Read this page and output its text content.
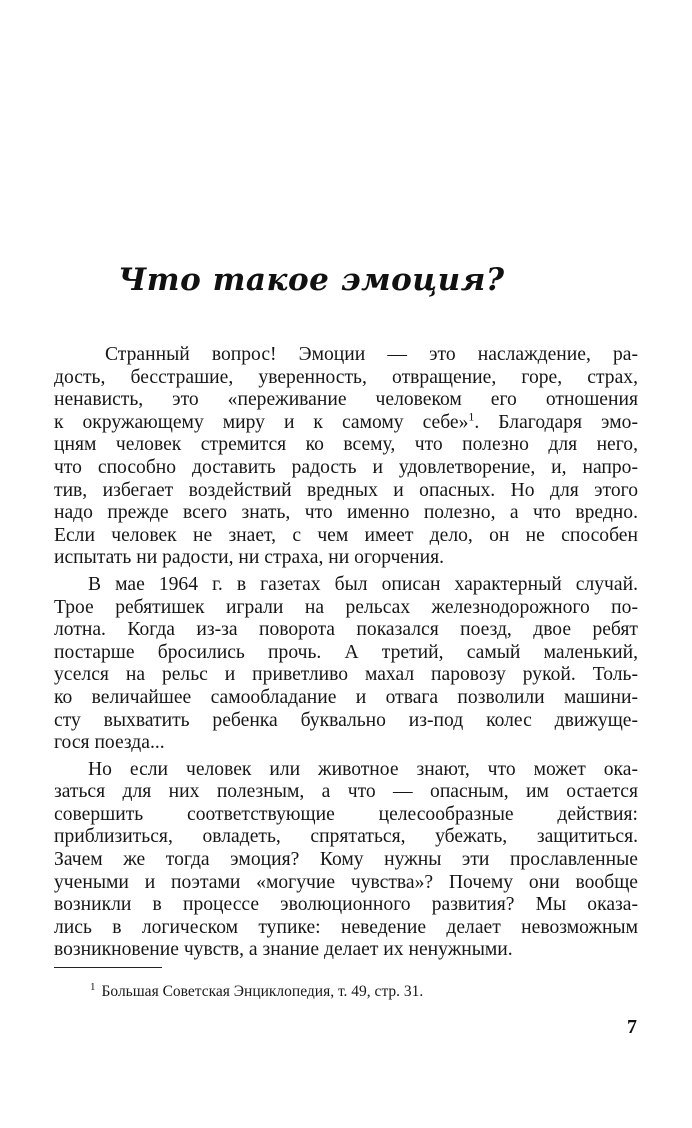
Что такое эмоция?

Странный вопрос! Эмоции — это наслаждение, ра-
дость, бесстрашие, уверенность, отвращение, горе, страх,
ненависть, это «переживание человеком его отношения
к окружающему миру и к самому себе»$^1$. Благодаря эмо-
цням человек стремится ко всему, что полезно для него,
что способно доставить радость и удовлетворение, и, напро-
тив, избегает воздействий вредных и опасных. Но для этого
надо прежде всего знать, что именно полезно, а что вредно.
Если человек не знает, с чем имеет дело, он не способен
испытать ни радости, ни страха, ни огорчения.

В мае 1964 г. в газетах был описан характерный случай.
Трое ребятишек играли на рельсах железнодорожного по-
лотна. Когда из-за поворота показался поезд, двое ребят
постарше бросились прочь. А третий, самый маленький,
уселся на рельс и приветливо махал паровозу рукой. Толь-
ко величайшее самообладание и отвага позволили машини-
сту выхватить ребенка буквально из-под колес движуще-
гося поезда...

Но если человек или животное знают, что может ока-
заться для них полезным, а что — опасным, им остается
совершить соответствующие целесообразные действия:
приблизиться, овладеть, спрятаться, убежать, защититься.
Зачем же тогда эмоция? Кому нужны эти прославленные
учеными и поэтами «могучие чувства»? Почему они вообще
возникли в процессе эволюционного развития? Мы оказа-
лись в логическом тупике: неведение делает невозможным
возникновение чувств, а знание делает их ненужными.

$^1$ Большая Советская Энциклопедия, т. 49, стр. 31.
7
